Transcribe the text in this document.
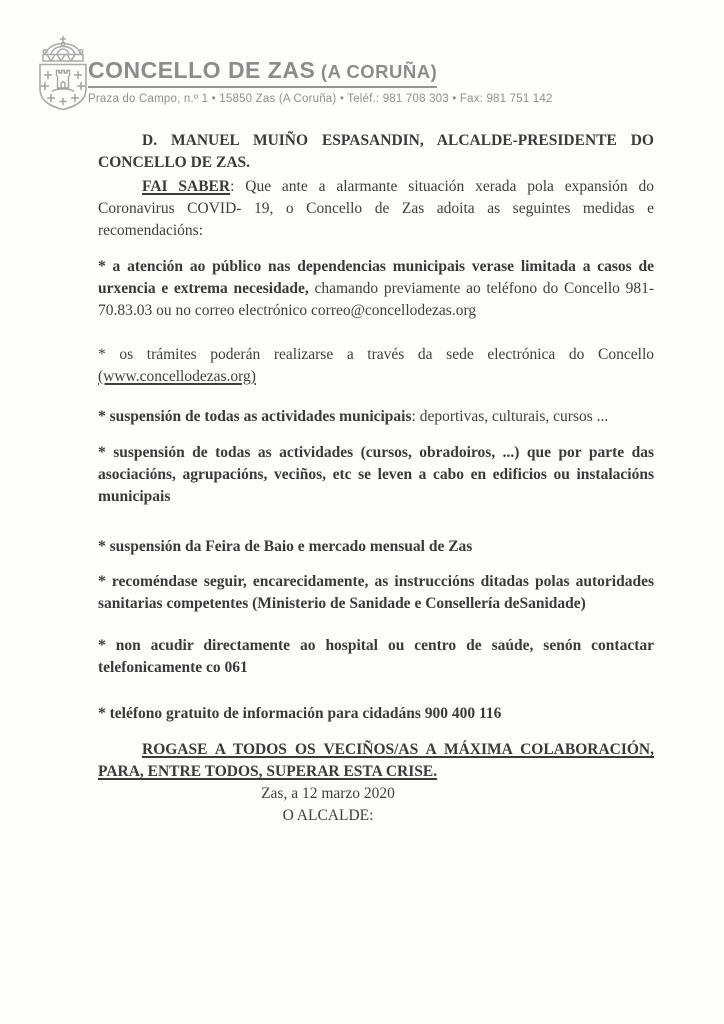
CONCELLO DE ZAS (A CORUÑA)
Praza do Campo, n.º 1 • 15850 Zas (A Coruña) • Teléf.: 981 708 303 • Fax: 981 751 142

D. MANUEL MUIÑO ESPASANDIN, ALCALDE-PRESIDENTE DO CONCELLO DE ZAS.

FAI SABER: Que ante a alarmante situación xerada pola expansión do Coronavirus COVID- 19, o Concello de Zas adoita as seguintes medidas e recomendacións:

* a atención ao público nas dependencias municipais verase limitada a casos de urxencia e extrema necesidade, chamando previamente ao teléfono do Concello 981-70.83.03 ou no correo electrónico correo@concellodezas.org

* os trámites poderán realizarse a través da sede electrónica do Concello (www.concellodezas.org)

* suspensión de todas as actividades municipais: deportivas, culturais, cursos ...

* suspensión de todas as actividades (cursos, obradoiros, ...) que por parte das asociacións, agrupacións, veciños, etc se leven a cabo en edificios ou instalacións municipais

* suspensión da Feira de Baio e mercado mensual de Zas

* recoméndase seguir, encarecidamente, as instruccións ditadas polas autoridades sanitarias competentes (Ministerio de Sanidade e Consellería deSanidade)

* non acudir directamente ao hospital ou centro de saúde, senón contactar telefonicamente co 061

* teléfono gratuito de información para cidadáns 900 400 116

ROGASE A TODOS OS VECIÑOS/AS A MÁXIMA COLABORACIÓN, PARA, ENTRE TODOS, SUPERAR ESTA CRISE.

Zas, a 12 marzo 2020

O ALCALDE:
